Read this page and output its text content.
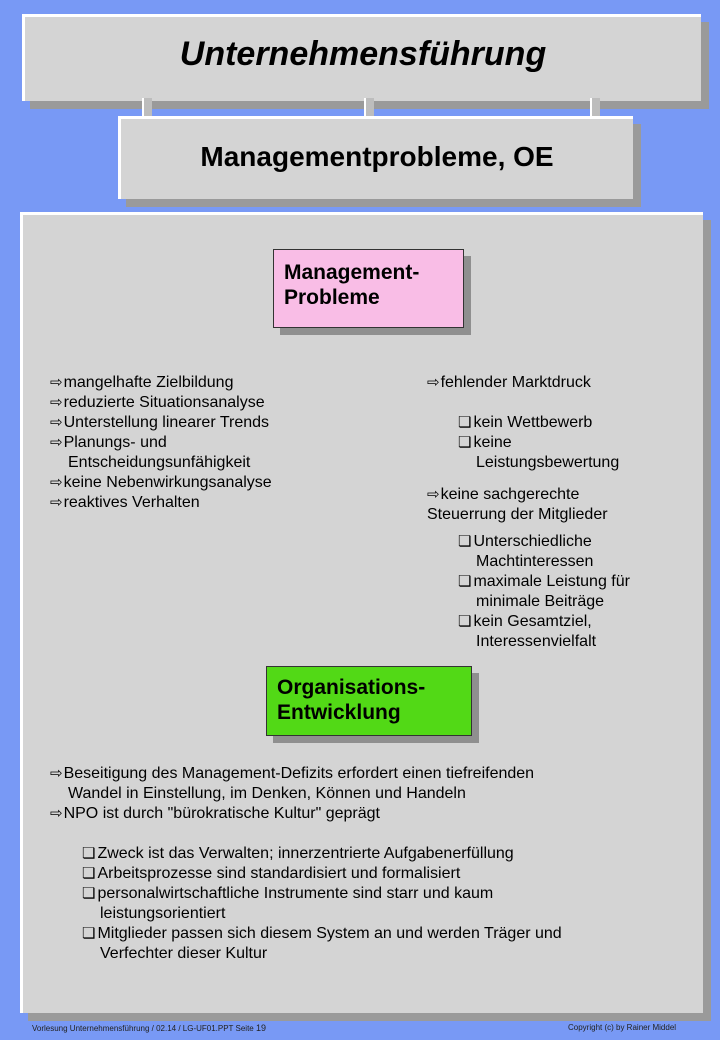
Unternehmensführung
Managementprobleme, OE
Management-
Probleme
⇨ mangelhafte Zielbildung
⇨ reduzierte Situationsanalyse
⇨ Unterstellung linearer Trends
⇨ Planungs- und
Entscheidungsunfähigkeit
⇨ keine Nebenwirkungsanalyse
⇨ reaktives Verhalten
⇨ fehlender Marktdruck
❏ kein Wettbewerb
❏ keine
Leistungsbewertung
⇨ keine sachgerechte
Steuerrung der Mitglieder
❏ Unterschiedliche
Machtinteressen
❏ maximale Leistung für
minimale Beiträge
❏ kein Gesamtziel,
Interessenvielfalt
Organisations-
Entwicklung
⇨ Beseitigung des Management-Defizits erfordert einen tiefreifenden
Wandel in Einstellung, im Denken, Können und Handeln
⇨ NPO ist durch "bürokratische Kultur" geprägt
❏ Zweck ist das Verwalten; innerzentrierte Aufgabenerfüllung
❏ Arbeitsprozesse sind standardisiert und formalisiert
❏ personalwirtschaftliche Instrumente sind starr und kaum
leistungsorientiert
❏ Mitglieder passen sich diesem System an und werden Träger und
Verfechter dieser Kultur
Vorlesung Unternehmensführung / 02.14 / LG-UF01.PPT Seite 19	Copyright (c) by Rainer Middel
